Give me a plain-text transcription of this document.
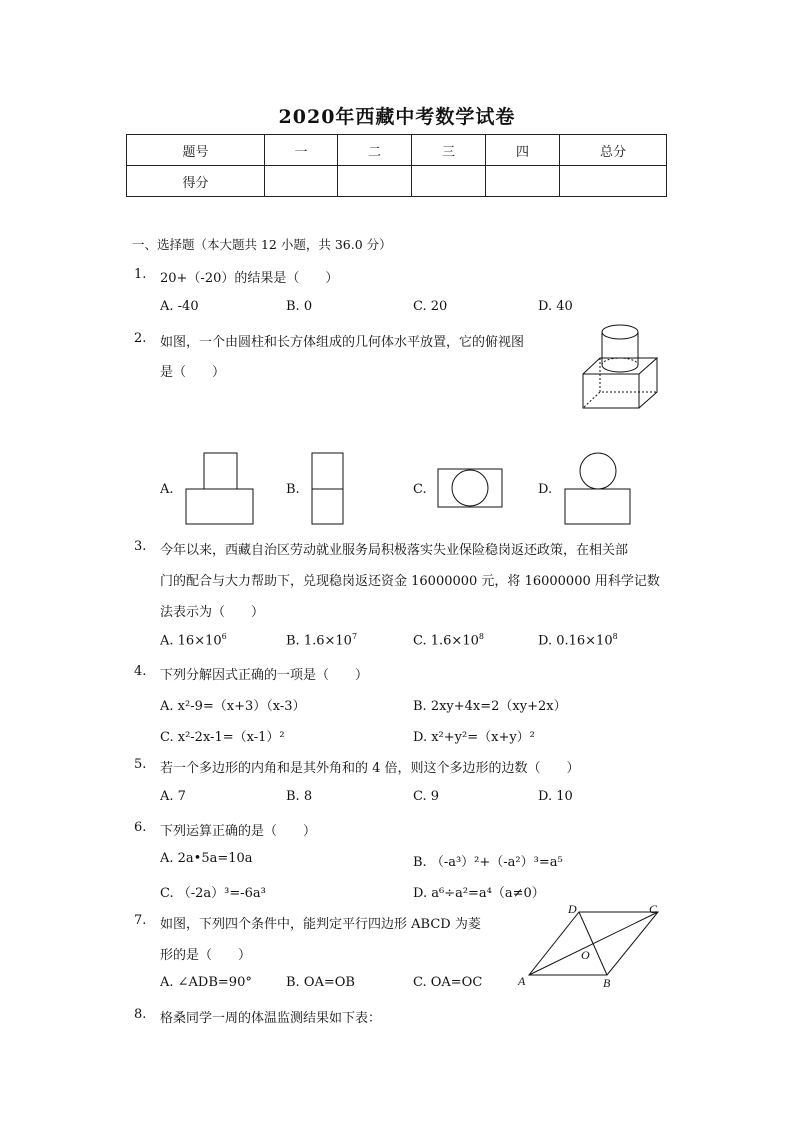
2020年西藏中考数学试卷
题号	一	二	三	四	总分
得分					
一、选择题（本大题共 12 小题，共 36.0 分）
1. 20+（-20）的结果是（　　）
A. -40	B. 0	C. 20	D. 40
2. 如图，一个由圆柱和长方体组成的几何体水平放置，它的俯视图
是（　　）
A.	B.	C.	D.
3. 今年以来，西藏自治区劳动就业服务局积极落实失业保险稳岗返还政策，在相关部
门的配合与大力帮助下，兑现稳岗返还资金 16000000 元，将 16000000 用科学记数
法表示为（　　）
A. $16\times 10^6$	B. $1.6\times 10^7$	C. $1.6\times 10^8$	D. $0.16\times 10^8$
4. 下列分解因式正确的一项是（　　）
A. x²-9=（x+3）（x-3）	B. 2xy+4x=2（xy+2x）
C. x²-2x-1=（x-1）²	D. x²+y²=（x+y）²
5. 若一个多边形的内角和是其外角和的 4 倍，则这个多边形的边数（　　）
A. 7	B. 8	C. 9	D. 10
6. 下列运算正确的是（　　）
A. 2a•5a=10a	B. （-a³）²+（-a²）³=a⁵
C. （-2a）³=-6a³	D. a⁶÷a²=a⁴（a≠0）
7. 如图，下列四个条件中，能判定平行四边形 ABCD 为菱
形的是（　　）
A. ∠ADB=90°	B. OA=OB	C. OA=OC	A	B
C
D
O
8. 格桑同学一周的体温监测结果如下表：
